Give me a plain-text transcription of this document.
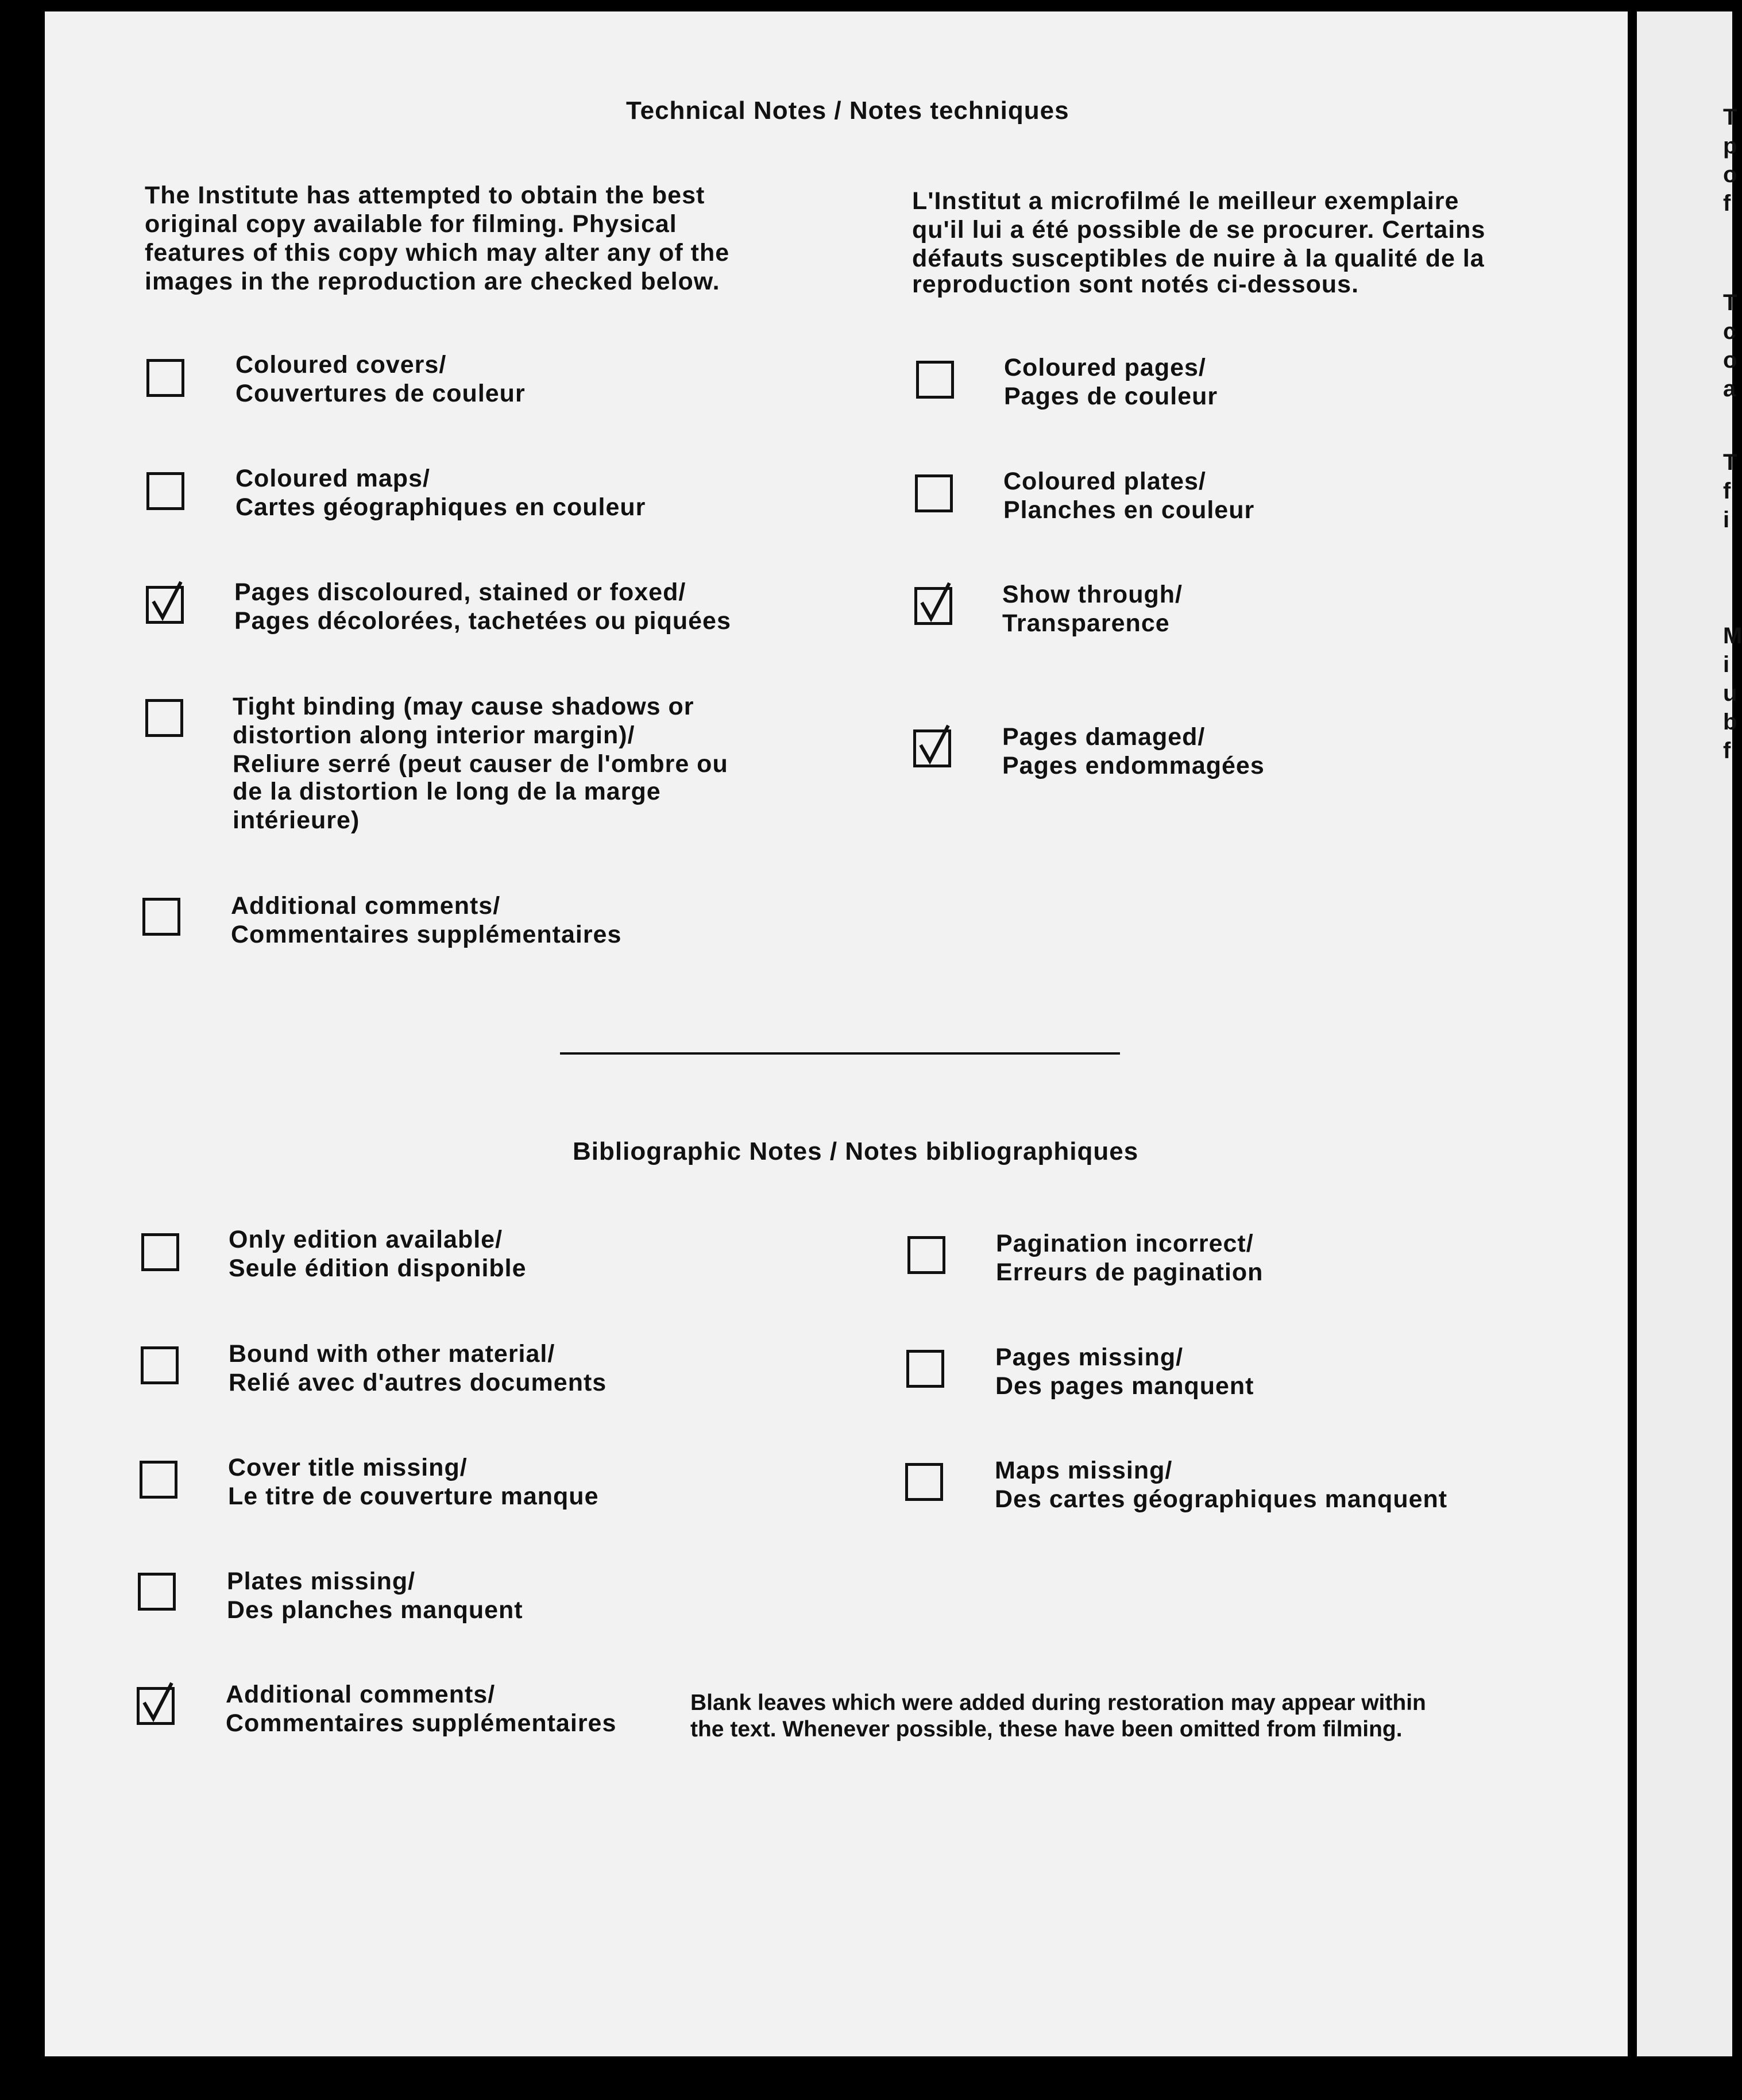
Technical Notes / Notes techniques
The Institute has attempted to obtain the best
original copy available for filming. Physical
features of this copy which may alter any of the
images in the reproduction are checked below.
L'Institut a microfilmé le meilleur exemplaire
qu'il lui a été possible de se procurer. Certains
défauts susceptibles de nuire à la qualité de la
reproduction sont notés ci-dessous.
Coloured covers/
Couvertures de couleur
Coloured pages/
Pages de couleur
Coloured maps/
Cartes géographiques en couleur
Coloured plates/
Planches en couleur
Pages discoloured, stained or foxed/
Pages décolorées, tachetées ou piquées
Show through/
Transparence
Tight binding (may cause shadows or
distortion along interior margin)/
Reliure serré (peut causer de l'ombre ou
de la distortion le long de la marge
intérieure)
Pages damaged/
Pages endommagées
Additional comments/
Commentaires supplémentaires
Bibliographic Notes / Notes bibliographiques
Only edition available/
Seule édition disponible
Pagination incorrect/
Erreurs de pagination
Bound with other material/
Relié avec d'autres documents
Pages missing/
Des pages manquent
Cover title missing/
Le titre de couverture manque
Maps missing/
Des cartes géographiques manquent
Plates missing/
Des planches manquent
Additional comments/
Commentaires supplémentaires
Blank leaves which were added during restoration may appear within
the text. Whenever possible, these have been omitted from filming.
T
p
o
f
T
c
o
a
T
f
i
M
i
u
b
f
